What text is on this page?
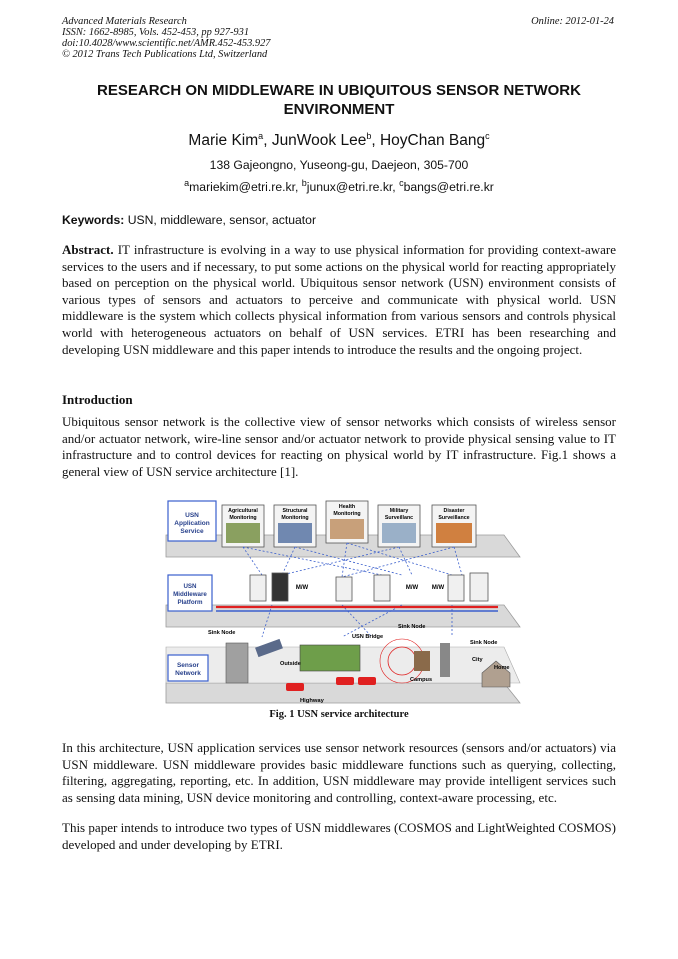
Advanced Materials Research
ISSN: 1662-8985, Vols. 452-453, pp 927-931
doi:10.4028/www.scientific.net/AMR.452-453.927
© 2012 Trans Tech Publications Ltd, Switzerland
Online: 2012-01-24
RESEARCH ON MIDDLEWARE IN UBIQUITOUS SENSOR NETWORK
ENVIRONMENT
Marie Kim$^a$, JunWook Lee$^b$, HoyChan Bang$^c$
138 Gajeongno, Yuseong-gu, Daejeon, 305-700
$^a$mariekim@etri.re.kr, $^b$junux@etri.re.kr, $^c$bangs@etri.re.kr
Keywords: USN, middleware, sensor, actuator
Abstract. IT infrastructure is evolving in a way to use physical information for providing context-aware services to the users and if necessary, to put some actions on the physical world for reacting appropriately based on perception on the physical world. Ubiquitous sensor network (USN) environment consists of various types of sensors and actuators to perceive and communicate with physical world. USN middleware is the system which collects physical information from various sensors and controls physical world with heterogeneous actuators on behalf of USN services. ETRI has been researching and developing USN middleware and this paper intends to introduce the results and the ongoing project.
Introduction
Ubiquitous sensor network is the collective view of sensor networks which consists of wireless sensor and/or actuator network, wire-line sensor and/or actuator network to provide physical sensing value to IT infrastructure and to control devices for reacting on physical world by IT infrastructure. Fig.1 shows a general view of USN service architecture [1].
USN
Application
Service
USN
Middleware
Platform
Sensor
Network
Agricultural
Monitoring
Structural
Monitoring
Health
Monitoring	Military
Surveillanc
Disaster
Surveillance
M/W	M/W M/W
Sink Node
Sink Node
Sink Node
USN Bridge
Outside
Campus
City
Home
Highway
Fig. 1 USN service architecture
In this architecture, USN application services use sensor network resources (sensors and/or actuators) via USN middleware. USN middleware provides basic middleware functions such as querying, collecting, filtering, aggregating, reporting, etc. In addition, USN middleware may provide intelligent services such as sensing data mining, USN device monitoring and controlling, context-aware processing, etc.
This paper intends to introduce two types of USN middlewares (COSMOS and LightWeighted COSMOS) developed and under developing by ETRI.
